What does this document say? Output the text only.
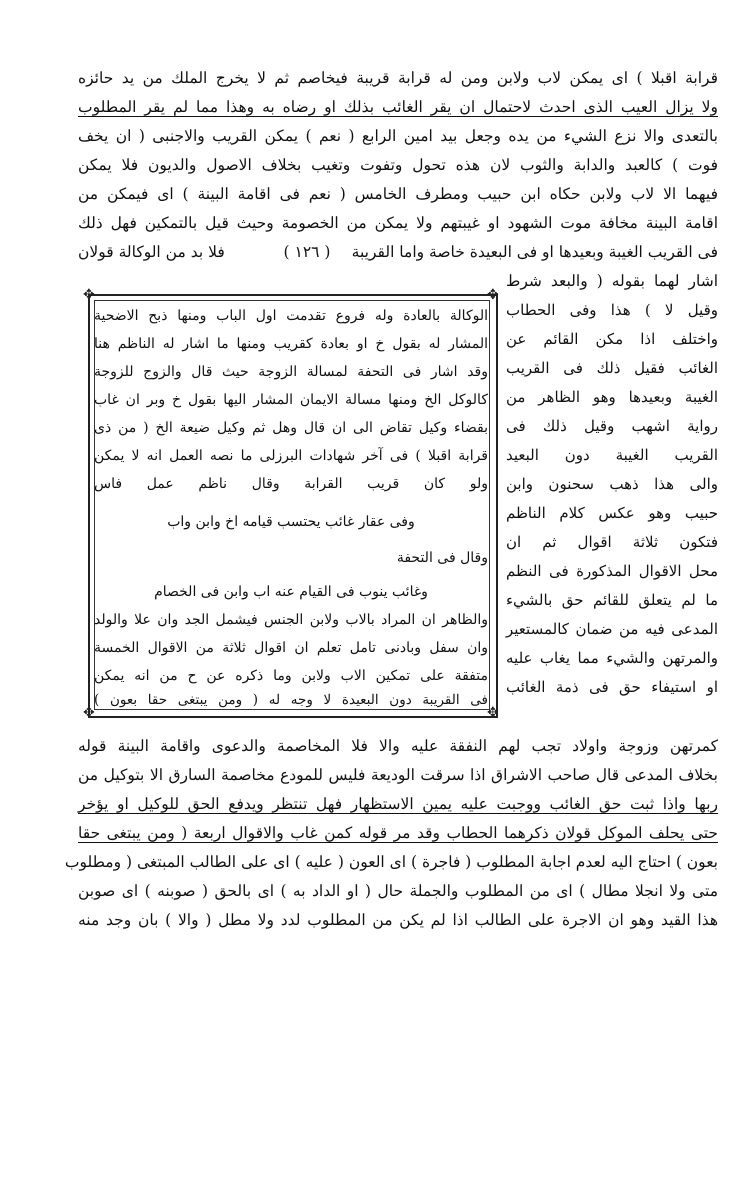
قرابة اقبلا ) اى يمكن لاب ولابن ومن له قرابة قريبة فيخاصم ثم لا يخرج الملك من يد حائزه
ولا يزال العيب الذى احدث لاحتمال ان يقر الغائب بذلك او رضاه به وهذا مما لم يقر المطلوب
بالتعدى والا نزع الشيء من يده وجعل بيد امين الرابع ( نعم ) يمكن القريب والاجنبى ( ان يخف
فوت ) كالعبد والدابة والثوب لان هذه تحول وتفوت وتغيب بخلاف الاصول والديون فلا يمكن
فيهما الا لاب ولابن حكاه ابن حبيب ومطرف الخامس ( نعم فى اقامة البينة ) اى فيمكن من
اقامة البينة مخافة موت الشهود او غيبتهم ولا يمكن من الخصومة وحيث قيل بالتمكين فهل ذلك
فى القريب الغيبة وبعيدها او فى البعيدة خاصة واما القريبة
( ١٢٦ )
فلا بد من الوكالة قولان
اشار لهما بقوله ( والبعد شرط
✥	✥
✥	✥
الوكالة بالعادة وله فروع تقدمت اول الباب ومنها ذبح الاضحية
المشار له بقول خ او بعادة كقريب ومنها ما اشار له الناظم هنا
وقد اشار فى التحفة لمسالة الزوجة حيث قال والزوج للزوجة
كالوكل الخ ومنها مسالة الايمان المشار اليها بقول خ وبر ان غاب
بقضاء وكيل تقاض الى ان قال وهل ثم وكيل ضيعة الخ ( من ذى
قرابة اقبلا ) فى آخر شهادات البرزلى ما نصه العمل انه لا يمكن
ولو كان قريب القرابة وقال ناظم عمل فاس
وفى عقار غائب يحتسب قيامه اخ وابن واب
وقال فى التحفة
وغائب ينوب فى القيام عنه اب وابن فى الخصام
والظاهر ان المراد بالاب ولابن الجنس فيشمل الجد وان علا والولد
وان سفل وبادنى تامل تعلم ان اقوال ثلاثة من الاقوال الخمسة
متفقة على تمكين الاب ولابن وما ذكره عن ح من انه يمكن
فى القريبة دون البعيدة لا وجه له ( ومن يبتغى حقا بعون )
وقيل لا ) هذا وفى الحطاب
واختلف اذا مكن القائم عن
الغائب فقيل ذلك فى القريب
الغيبة وبعيدها وهو الظاهر من
رواية اشهب وقيل ذلك فى
القريب الغيبة دون البعيد
والى هذا ذهب سحنون وابن
حبيب وهو عكس كلام الناظم
فتكون ثلاثة اقوال ثم ان
محل الاقوال المذكورة فى النظم
ما لم يتعلق للقائم حق بالشيء
المدعى فيه من ضمان كالمستعير
والمرتهن والشيء مما يغاب عليه
او استيفاء حق فى ذمة الغائب
كمرتهن وزوجة واولاد تجب لهم النفقة عليه والا فلا المخاصمة والدعوى واقامة البينة قوله
بخلاف المدعى قال صاحب الاشراق اذا سرقت الوديعة فليس للمودع مخاصمة السارق الا بتوكيل من
ربها واذا ثبت حق الغائب ووجبت عليه يمين الاستظهار فهل تنتظر ويدفع الحق للوكيل او يؤخر
حتى يحلف الموكل قولان ذكرهما الحطاب وقد مر قوله كمن غاب والاقوال اربعة ( ومن يبتغى حقا
بعون ) احتاج اليه لعدم اجابة المطلوب ( فاجرة ) اى العون ( عليه ) اى على الطالب المبتغى ( ومطلوب
متى ولا انجلا مطال ) اى من المطلوب والجملة حال ( او الداد به ) اى بالحق ( صوبنه ) اى صوبن
هذا القيد وهو ان الاجرة على الطالب اذا لم يكن من المطلوب لدد ولا مطل ( والا ) بان وجد منه
